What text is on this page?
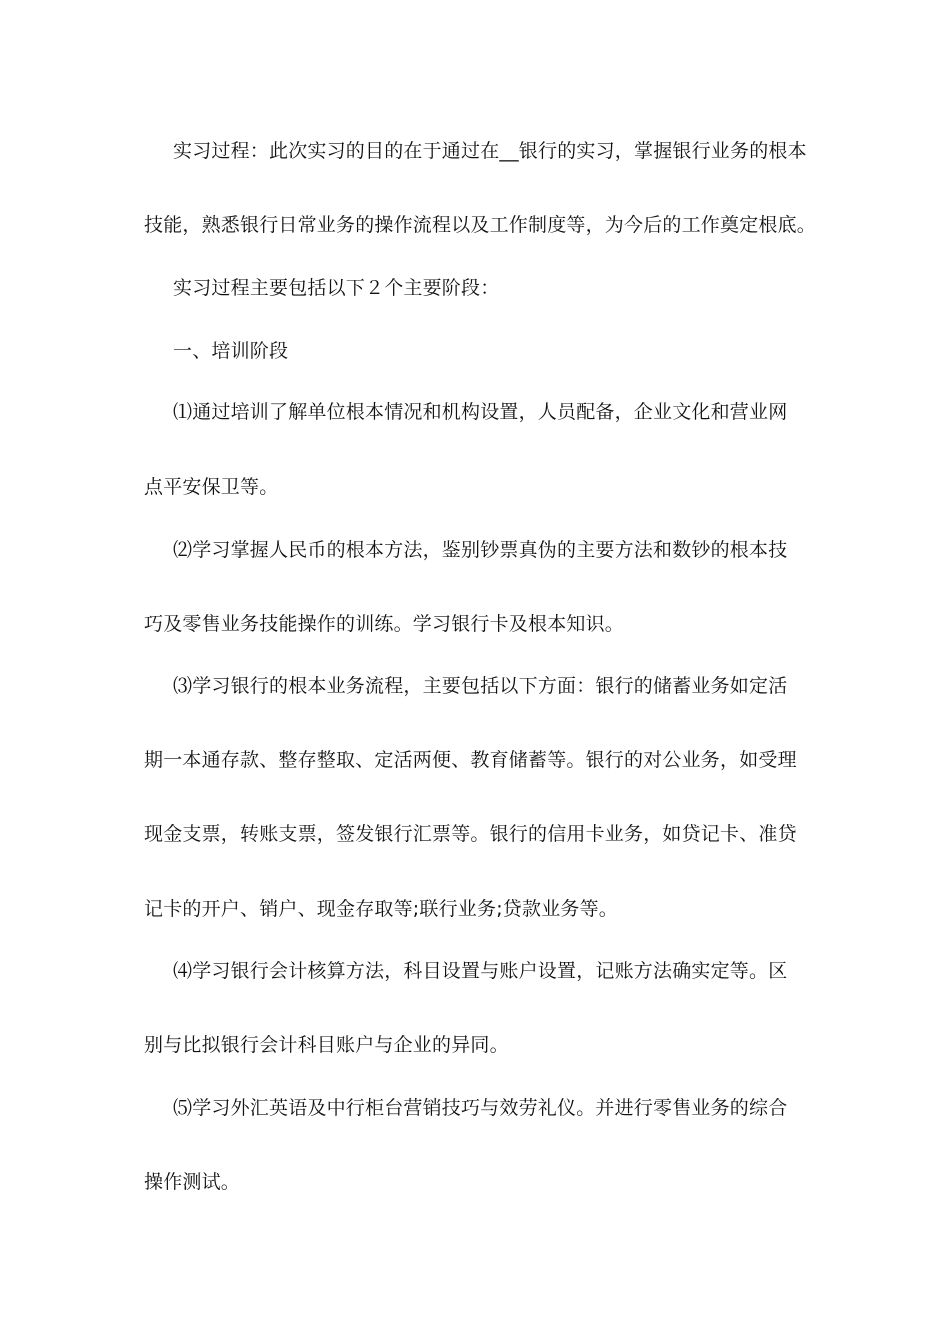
实习过程：此次实习的目的在于通过在__银行的实习，掌握银行业务的根本
技能，熟悉银行日常业务的操作流程以及工作制度等，为今后的工作奠定根底。
实习过程主要包括以下２个主要阶段：
一、培训阶段
⑴通过培训了解单位根本情况和机构设置，人员配备，企业文化和营业网
点平安保卫等。
⑵学习掌握人民币的根本方法，鉴别钞票真伪的主要方法和数钞的根本技
巧及零售业务技能操作的训练。学习银行卡及根本知识。
⑶学习银行的根本业务流程，主要包括以下方面：银行的储蓄业务如定活
期一本通存款、整存整取、定活两便、教育储蓄等。银行的对公业务，如受理
现金支票，转账支票，签发银行汇票等。银行的信用卡业务，如贷记卡、准贷
记卡的开户、销户、现金存取等;联行业务;贷款业务等。
⑷学习银行会计核算方法，科目设置与账户设置，记账方法确实定等。区
别与比拟银行会计科目账户与企业的异同。
⑸学习外汇英语及中行柜台营销技巧与效劳礼仪。并进行零售业务的综合
操作测试。
